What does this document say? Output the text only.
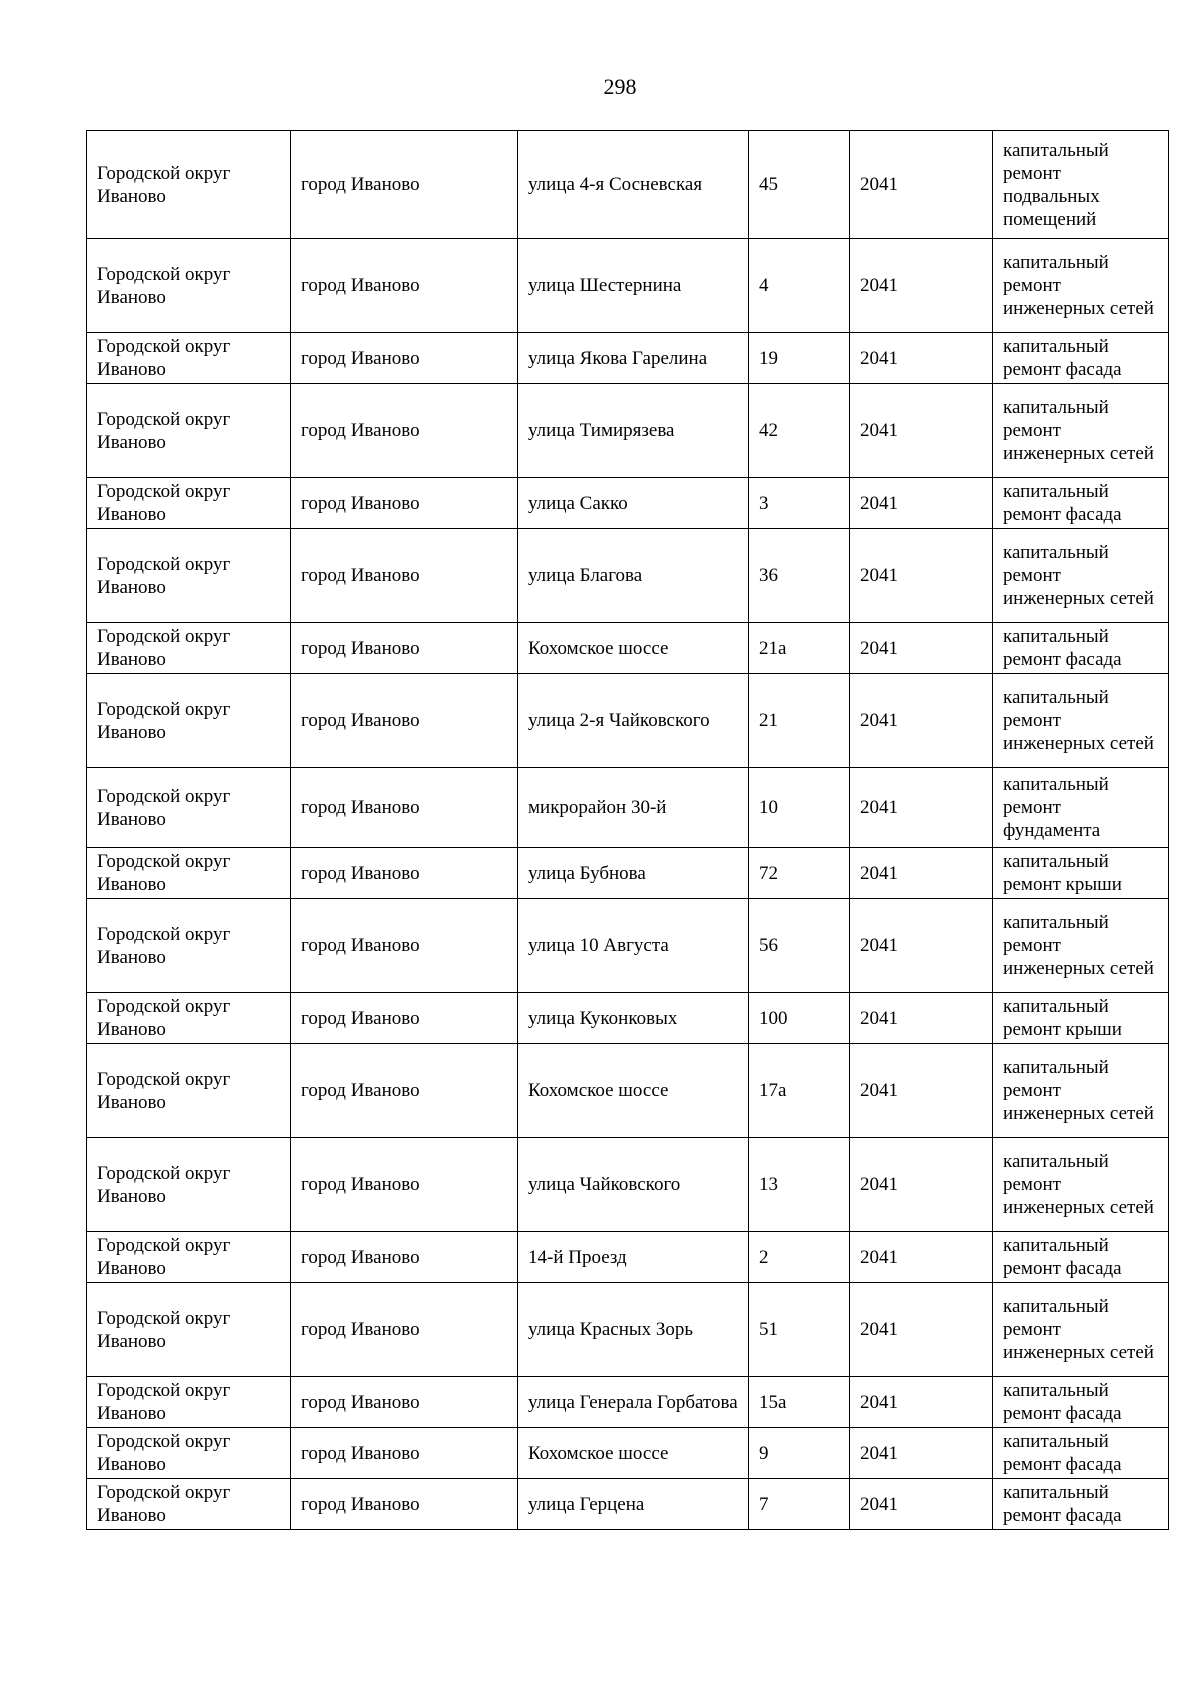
298
Городской округ Иваново	город Иваново	улица 4-я Сосневская	45	2041	капитальный ремонт подвальных помещений
Городской округ Иваново	город Иваново	улица Шестернина	4	2041	капитальный ремонт инженерных сетей
Городской округ Иваново	город Иваново	улица Якова Гарелина	19	2041	капитальный ремонт фасада
Городской округ Иваново	город Иваново	улица Тимирязева	42	2041	капитальный ремонт инженерных сетей
Городской округ Иваново	город Иваново	улица Сакко	3	2041	капитальный ремонт фасада
Городской округ Иваново	город Иваново	улица Благова	36	2041	капитальный ремонт инженерных сетей
Городской округ Иваново	город Иваново	Кохомское шоссе	21а	2041	капитальный ремонт фасада
Городской округ Иваново	город Иваново	улица 2-я Чайковского	21	2041	капитальный ремонт инженерных сетей
Городской округ Иваново	город Иваново	микрорайон 30-й	10	2041	капитальный ремонт фундамента
Городской округ Иваново	город Иваново	улица Бубнова	72	2041	капитальный ремонт крыши
Городской округ Иваново	город Иваново	улица 10 Августа	56	2041	капитальный ремонт инженерных сетей
Городской округ Иваново	город Иваново	улица Куконковых	100	2041	капитальный ремонт крыши
Городской округ Иваново	город Иваново	Кохомское шоссе	17а	2041	капитальный ремонт инженерных сетей
Городской округ Иваново	город Иваново	улица Чайковского	13	2041	капитальный ремонт инженерных сетей
Городской округ Иваново	город Иваново	14-й Проезд	2	2041	капитальный ремонт фасада
Городской округ Иваново	город Иваново	улица Красных Зорь	51	2041	капитальный ремонт инженерных сетей
Городской округ Иваново	город Иваново	улица Генерала Горбатова	15а	2041	капитальный ремонт фасада
Городской округ Иваново	город Иваново	Кохомское шоссе	9	2041	капитальный ремонт фасада
Городской округ Иваново	город Иваново	улица Герцена	7	2041	капитальный ремонт фасада
